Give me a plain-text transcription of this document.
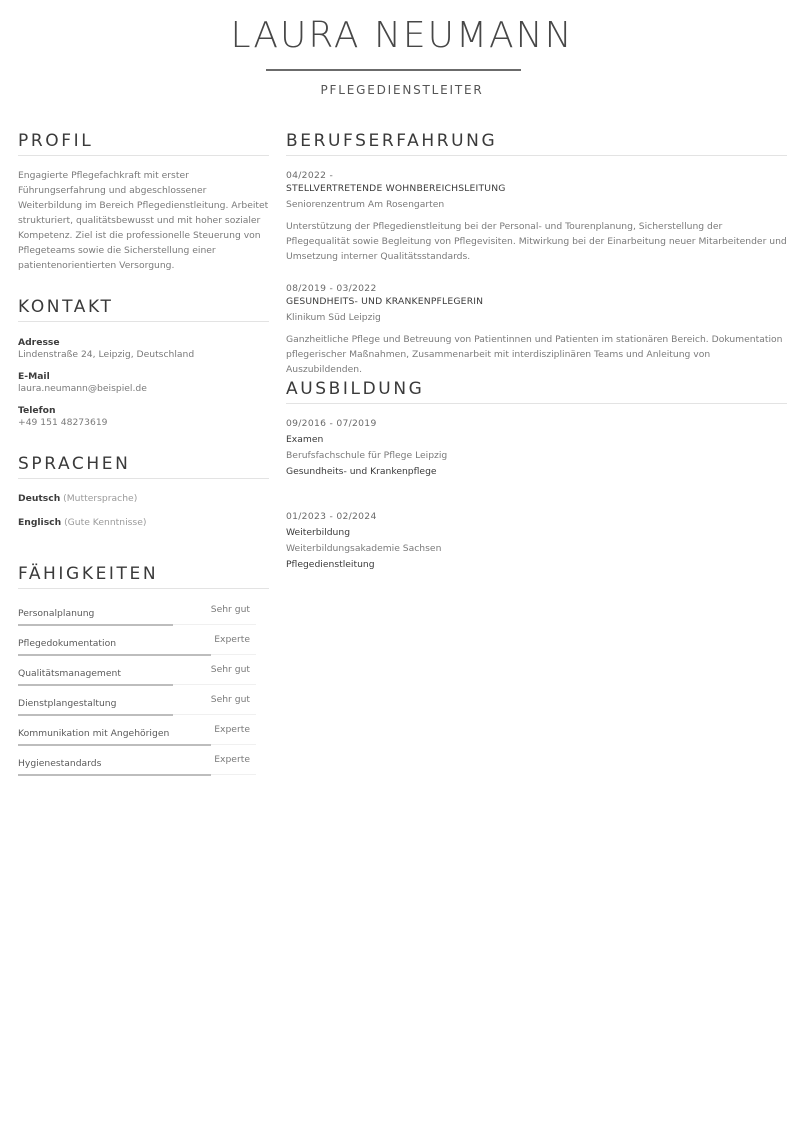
LAURA NEUMANN
PFLEGEDIENSTLEITER
PROFIL
Engagierte Pflegefachkraft mit erster Führungserfahrung und abgeschlossener Weiterbildung im Bereich Pflegedienstleitung. Arbeitet strukturiert, qualitätsbewusst und mit hoher sozialer Kompetenz. Ziel ist die professionelle Steuerung von Pflegeteams sowie die Sicherstellung einer patientenorientierten Versorgung.
KONTAKT
Adresse
Lindenstraße 24, Leipzig, Deutschland
E-Mail
laura.neumann@beispiel.de
Telefon
+49 151 48273619
SPRACHEN
Deutsch (Muttersprache)
Englisch (Gute Kenntnisse)
FÄHIGKEITEN
Personalplanung	Sehr gut
Pflegedokumentation	Experte
Qualitätsmanagement	Sehr gut
Dienstplangestaltung	Sehr gut
Kommunikation mit Angehörigen	Experte
Hygienestandards	Experte
BERUFSERFAHRUNG
04/2022 -
STELLVERTRETENDE WOHNBEREICHSLEITUNG
Seniorenzentrum Am Rosengarten
Unterstützung der Pflegedienstleitung bei der Personal- und Tourenplanung, Sicherstellung der Pflegequalität sowie Begleitung von Pflegevisiten. Mitwirkung bei der Einarbeitung neuer Mitarbeitender und Umsetzung interner Qualitätsstandards.
08/2019 - 03/2022
GESUNDHEITS- UND KRANKENPFLEGERIN
Klinikum Süd Leipzig
Ganzheitliche Pflege und Betreuung von Patientinnen und Patienten im stationären Bereich. Dokumentation pflegerischer Maßnahmen, Zusammenarbeit mit interdisziplinären Teams und Anleitung von Auszubildenden.
AUSBILDUNG
09/2016 - 07/2019
Examen
Berufsfachschule für Pflege Leipzig
Gesundheits- und Krankenpflege
01/2023 - 02/2024
Weiterbildung
Weiterbildungsakademie Sachsen
Pflegedienstleitung
